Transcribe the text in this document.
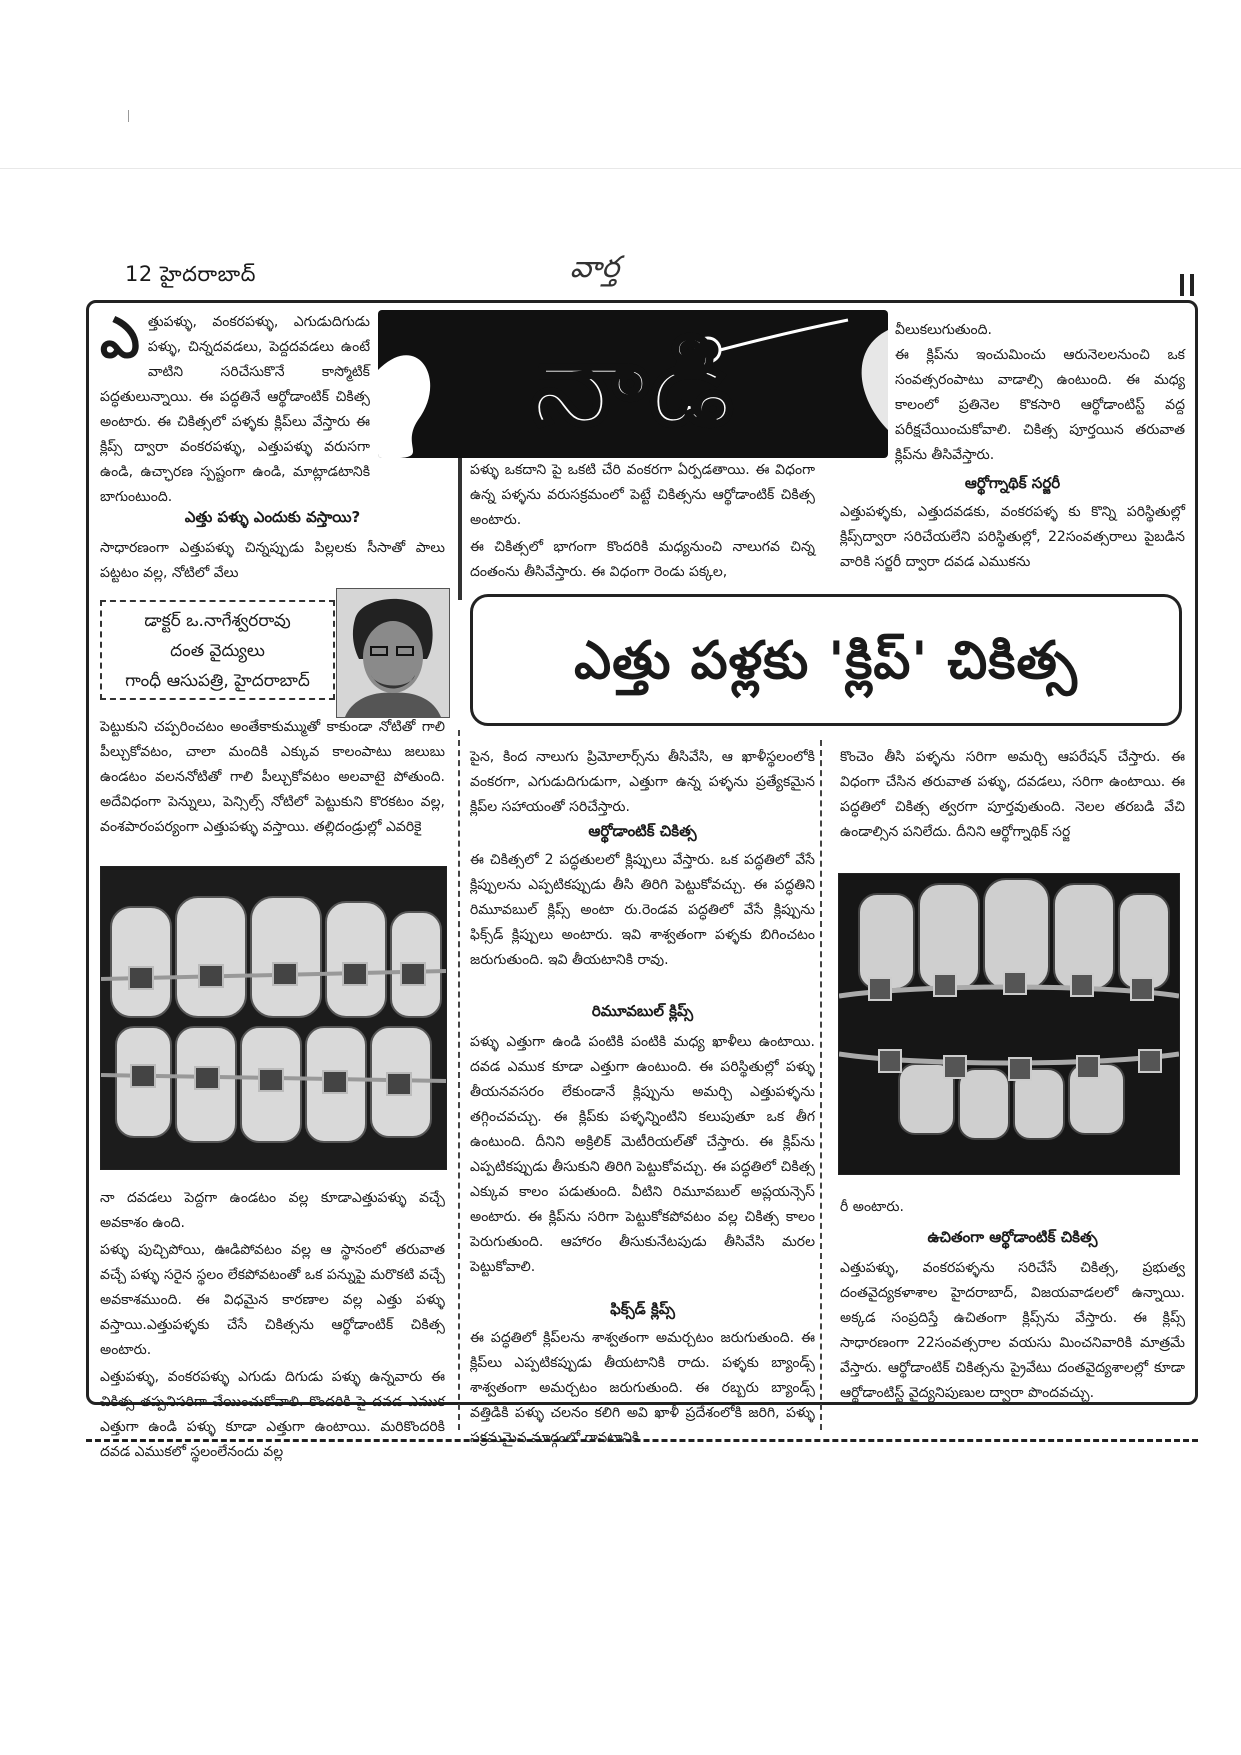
12 హైదరాబాద్	వార్త
నాడి
ఎ త్తుపళ్ళు, వంకరపళ్ళు, ఎగుడుదిగుడు పళ్ళు, చిన్నదవడలు, పెద్దదవడలు ఉంటే వాటిని సరిచేసుకొనే కాస్మోటిక్ పద్ధతులున్నాయి. ఈ పద్ధతినే ఆర్థోడాంటిక్ చికిత్స అంటారు. ఈ చికిత్సలో పళ్ళకు క్లిప్‌లు వేస్తారు ఈ క్లిప్స్ ద్వారా వంకరపళ్ళు, ఎత్తుపళ్ళు వరుసగా ఉండి, ఉచ్ఛారణ స్పష్టంగా ఉండి, మాట్లాడటానికి బాగుంటుంది.
ఎత్తు పళ్ళు ఎందుకు వస్తాయి?
సాధారణంగా ఎత్తుపళ్ళు చిన్నప్పుడు పిల్లలకు సీసాతో పాలు పట్టటం వల్ల, నోటిలో వేలు
డాక్టర్ ఒ.నాగేశ్వరరావు
దంత వైద్యులు
గాంధీ ఆసుపత్రి, హైదరాబాద్
పెట్టుకుని చప్పరించటం అంతేకాకుమ్ముతో కాకుండా నోటితో గాలి పీల్చుకోవటం, చాలా మందికి ఎక్కువ కాలంపాటు జలుబు ఉండటం వలననోటితో గాలి పీల్చుకోవటం అలవాటై పోతుంది. అదేవిధంగా పెన్నులు, పెన్సిల్స్ నోటిలో పెట్టుకుని కొరకటం వల్ల, వంశపారంపర్యంగా ఎత్తుపళ్ళు వస్తాయి. తల్లిదండ్రుల్లో ఎవరికై
నా దవడలు పెద్దగా ఉండటం వల్ల కూడాఎత్తుపళ్ళు వచ్చే అవకాశం ఉంది.
పళ్ళు పుచ్చిపోయి, ఊడిపోవటం వల్ల ఆ స్థానంలో తరువాత వచ్చే పళ్ళు సరైన స్థలం లేకపోవటంతో ఒక పన్నుపై మరొకటి వచ్చే అవకాశముంది. ఈ విధమైన కారణాల వల్ల ఎత్తు పళ్ళు వస్తాయి.ఎత్తుపళ్ళకు చేసే చికిత్సను ఆర్థోడాంటిక్ చికిత్స అంటారు.
ఎత్తుపళ్ళు, వంకరపళ్ళు ఎగుడు దిగుడు పళ్ళు ఉన్నవారు ఈ చికిత్స తప్పనిసరిగా చేయించుకోవాలి. కొందరికి పై దవడ ఎముక ఎత్తుగా ఉండి పళ్ళు కూడా ఎత్తుగా ఉంటాయి. మరికొందరికి దవడ ఎముకలో స్థలంలేనందు వల్ల
పళ్ళు ఒకదాని పై ఒకటి చేరి వంకరగా ఏర్పడతాయి. ఈ విధంగా ఉన్న పళ్ళను వరుసక్రమంలో పెట్టే చికిత్సను ఆర్థోడాంటిక్ చికిత్స అంటారు.
ఈ చికిత్సలో భాగంగా కొందరికి మధ్యనుంచి నాలుగవ చిన్న దంతంను తీసివేస్తారు. ఈ విధంగా రెండు పక్కల,
వీలుకలుగుతుంది.
ఈ క్లిప్‌ను ఇంచుమించు ఆరునెలలనుంచి ఒక సంవత్సరంపాటు వాడాల్సి ఉంటుంది. ఈ మధ్య కాలంలో ప్రతినెల కొకసారి ఆర్థోడాంటిస్ట్ వద్ద పరీక్షచేయించుకోవాలి. చికిత్స పూర్తయిన తరువాత క్లిప్‌ను తీసివేస్తారు.
ఆర్థోగ్నాథిక్ సర్జరీ
ఎత్తుపళ్ళకు, ఎత్తుదవడకు, వంకరపళ్ళ కు కొన్ని పరిస్థితుల్లో క్లిప్స్‌ద్వారా సరిచేయలేని పరిస్థితుల్లో, 22సంవత్సరాలు పైబడిన వారికి సర్జరీ ద్వారా దవడ ఎముకను
ఎత్తు పళ్లకు 'క్లిప్' చికిత్స
పైన, కింద నాలుగు ప్రిమోలార్స్‌ను తీసివేసి, ఆ ఖాళీస్థలంలోకి వంకరగా, ఎగుడుదిగుడుగా, ఎత్తుగా ఉన్న పళ్ళను ప్రత్యేకమైన క్లిప్‌ల సహాయంతో సరిచేస్తారు.
ఆర్థోడాంటిక్ చికిత్స
ఈ చికిత్సలో 2 పద్ధతులలో క్లిప్పులు వేస్తారు. ఒక పద్ధతిలో వేసే క్లిప్పులను ఎప్పటికప్పుడు తీసి తిరిగి పెట్టుకోవచ్చు. ఈ పద్ధతిని రిమూవబుల్ క్లిప్స్ అంటా రు.రెండవ పద్ధతిలో వేసే క్లిప్పును ఫిక్స్‌డ్ క్లిప్పులు అంటారు. ఇవి శాశ్వతంగా పళ్ళకు బిగించటం జరుగుతుంది. ఇవి తీయటానికి రావు.
రిమూవబుల్ క్లిప్స్
పళ్ళు ఎత్తుగా ఉండి పంటికి పంటికి మధ్య ఖాళీలు ఉంటాయి. దవడ ఎముక కూడా ఎత్తుగా ఉంటుంది. ఈ పరిస్థితుల్లో పళ్ళు తీయనవసరం లేకుండానే క్లిప్పును అమర్చి ఎత్తుపళ్ళను తగ్గించవచ్చు. ఈ క్లిప్‌కు పళ్ళన్నింటిని కలుపుతూ ఒక తీగ ఉంటుంది. దీనిని అక్రిలిక్ మెటీరియల్‌తో చేస్తారు. ఈ క్లిప్‌ను ఎప్పటికప్పుడు తీసుకుని తిరిగి పెట్టుకోవచ్చు. ఈ పద్ధతిలో చికిత్స ఎక్కువ కాలం పడుతుంది. వీటిని రిమూవబుల్ అప్లయన్సెస్ అంటారు. ఈ క్లిప్‌ను సరిగా పెట్టుకోకపోవటం వల్ల చికిత్స కాలం పెరుగుతుంది. ఆహారం తీసుకునేటపుడు తీసివేసి మరల పెట్టుకోవాలి.
ఫిక్స్‌డ్ క్లిప్స్
ఈ పద్ధతిలో క్లిప్‌లను శాశ్వతంగా అమర్చటం జరుగుతుంది. ఈ క్లిప్‌లు ఎప్పటికప్పుడు తీయటానికి రాదు. పళ్ళకు బ్యాండ్స్ శాశ్వతంగా అమర్చటం జరుగుతుంది. ఈ రబ్బరు బ్యాండ్స్ వత్తిడికి పళ్ళు చలనం కలిగి అవి ఖాళీ ప్రదేశంలోకి జరిగి, పళ్ళు సక్రమమైన మార్గంలో రావటానికి
కొంచెం తీసి పళ్ళను సరిగా అమర్చి ఆపరేషన్ చేస్తారు. ఈ విధంగా చేసిన తరువాత పళ్ళు, దవడలు, సరిగా ఉంటాయి. ఈ పద్ధతిలో చికిత్స త్వరగా పూర్తవుతుంది. నెలల తరబడి వేచి ఉండాల్సిన పనిలేదు. దీనిని ఆర్థోగ్నాథిక్ సర్జ
రీ అంటారు.
ఉచితంగా ఆర్థోడాంటిక్ చికిత్స
ఎత్తుపళ్ళు, వంకరపళ్ళను సరిచేసే చికిత్స, ప్రభుత్వ దంతవైద్యకళాశాల హైదరాబాద్, విజయవాడలలో ఉన్నాయి. అక్కడ సంప్రదిస్తే ఉచితంగా క్లిప్స్‌ను వేస్తారు. ఈ క్లిప్స్ సాధారణంగా 22సంవత్సరాల వయసు మించనివారికి మాత్రమే వేస్తారు. ఆర్థోడాంటిక్ చికిత్సను ప్రైవేటు దంతవైద్యశాలల్లో కూడా ఆర్థోడాంటిస్ట్ వైద్యనిపుణుల ద్వారా పొందవచ్చు.
